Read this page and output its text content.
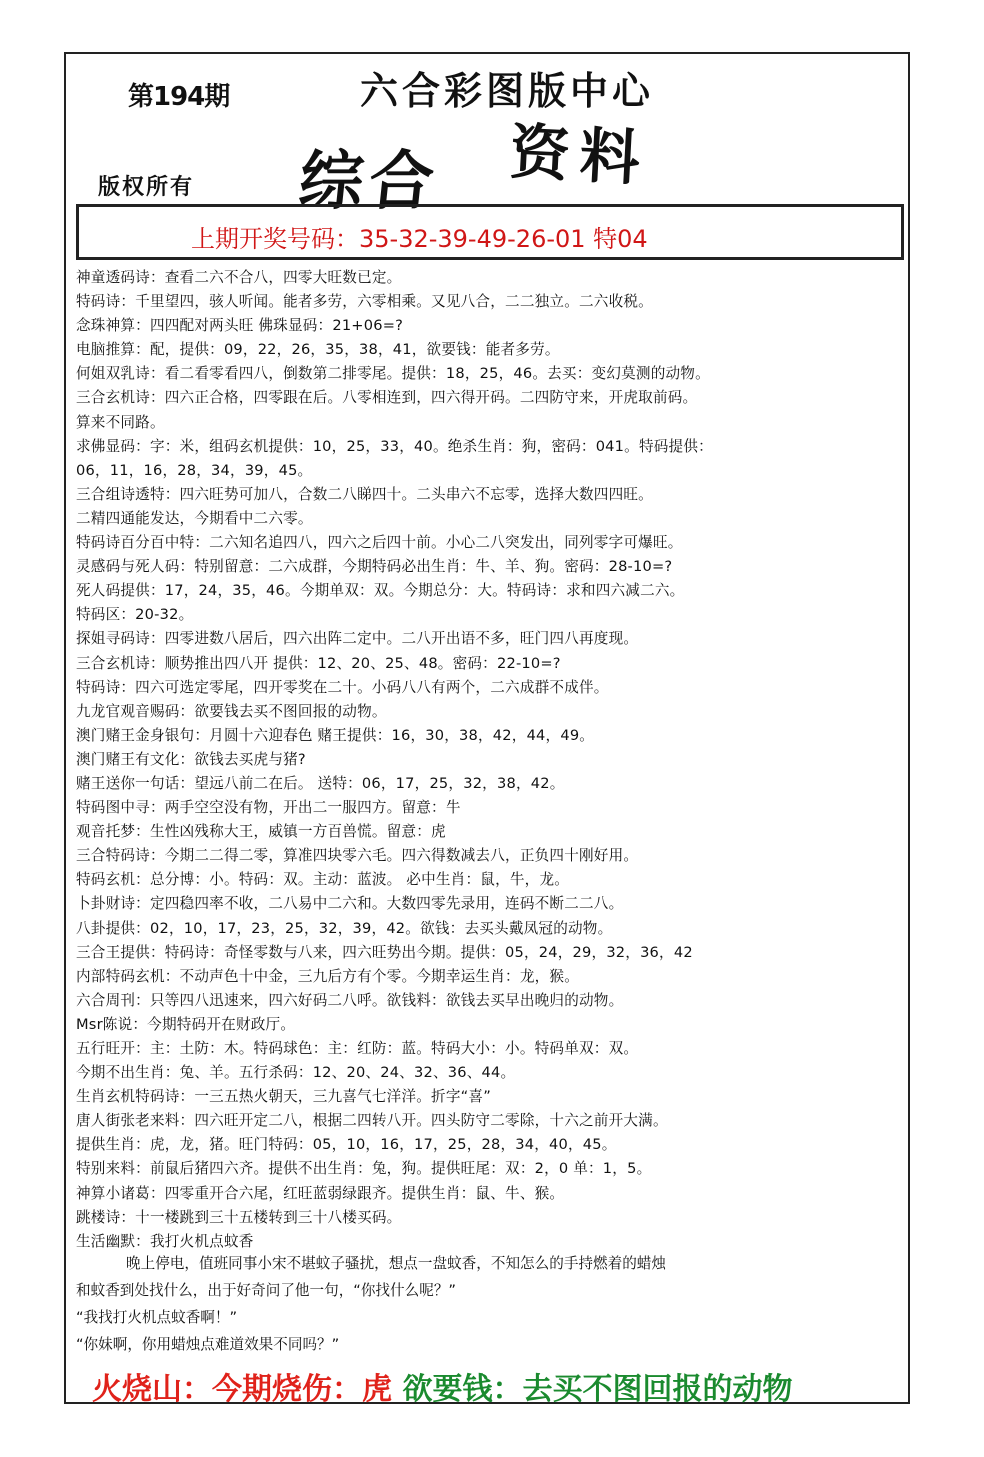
第194期	六合彩图版中心
综合 资料
版权所有
上期开奖号码：35-32-39-49-26-01 特04
神童透码诗：查看二六不合八，四零大旺数已定。
特码诗：千里望四，骇人听闻。能者多劳，六零相乘。又见八合，二二独立。二六收税。
念珠神算：四四配对两头旺 佛珠显码：21+06=?
电脑推算：配，提供：09，22，26，35，38，41，欲要钱：能者多劳。
何姐双乳诗：看二看零看四八，倒数第二排零尾。提供：18，25，46。去买：变幻莫测的动物。
三合玄机诗：四六正合格，四零跟在后。八零相连到，四六得开码。二四防守来，开虎取前码。
算来不同路。
求佛显码：字：米，组码玄机提供：10，25，33，40。绝杀生肖：狗，密码：041。特码提供：
06，11，16，28，34，39，45。
三合组诗透特：四六旺势可加八，合数二八睇四十。二头串六不忘零，选择大数四四旺。
二精四通能发达，今期看中二六零。
特码诗百分百中特：二六知名追四八，四六之后四十前。小心二八突发出，同列零字可爆旺。
灵感码与死人码：特别留意：二六成群，今期特码必出生肖：牛、羊、狗。密码：28-10=?
死人码提供：17，24，35，46。今期单双：双。今期总分：大。特码诗：求和四六减二六。
特码区：20-32。
探姐寻码诗：四零进数八居后，四六出阵二定中。二八开出语不多，旺门四八再度现。
三合玄机诗：顺势推出四八开 提供：12、20、25、48。密码：22-10=?
特码诗：四六可选定零尾，四开零奖在二十。小码八八有两个，二六成群不成伴。
九龙官观音赐码：欲要钱去买不图回报的动物。
澳门赌王金身银句：月圆十六迎春色 赌王提供：16，30，38，42，44，49。
澳门赌王有文化：欲钱去买虎与猪?
赌王送你一句话：望远八前二在后。 送特：06，17，25，32，38，42。
特码图中寻：两手空空没有物，开出二一服四方。留意：牛
观音托梦：生性凶残称大王，威镇一方百兽慌。留意：虎
三合特码诗：今期二二得二零，算准四块零六毛。四六得数减去八，正负四十刚好用。
特码玄机：总分博：小。特码：双。主动：蓝波。 必中生肖：鼠，牛，龙。
卜卦财诗：定四稳四率不收，二八易中二六和。大数四零先录用，连码不断二二八。
八卦提供：02，10，17，23，25，32，39，42。欲钱：去买头戴凤冠的动物。
三合王提供：特码诗：奇怪零数与八来，四六旺势出今期。提供：05，24，29，32，36，42
内部特码玄机：不动声色十中金，三九后方有个零。今期幸运生肖：龙，猴。
六合周刊：只等四八迅速来，四六好码二八呼。欲钱料：欲钱去买早出晚归的动物。
Msr陈说：今期特码开在财政厅。
五行旺开：主：土防：木。特码球色：主：红防：蓝。特码大小：小。特码单双：双。
今期不出生肖：兔、羊。五行杀码：12、20、24、32、36、44。
生肖玄机特码诗：一三五热火朝天，三九喜气七洋洋。折字“喜”
唐人街张老来料：四六旺开定二八，根据二四转八开。四头防守二零除，十六之前开大满。
提供生肖：虎，龙，猪。旺门特码：05，10，16，17，25，28，34，40，45。
特别来料：前鼠后猪四六齐。提供不出生肖：兔，狗。提供旺尾：双：2，0 单：1，5。
神算小诸葛：四零重开合六尾，红旺蓝弱绿跟齐。提供生肖：鼠、牛、猴。
跳楼诗：十一楼跳到三十五楼转到三十八楼买码。
生活幽默：我打火机点蚊香
晚上停电，值班同事小宋不堪蚊子骚扰，想点一盘蚊香，不知怎么的手持燃着的蜡烛
和蚊香到处找什么，出于好奇问了他一句，“你找什么呢？”
“我找打火机点蚊香啊！”
“你妹啊，你用蜡烛点难道效果不同吗？”
火烧山：今期烧伤：虎 欲要钱：去买不图回报的动物
